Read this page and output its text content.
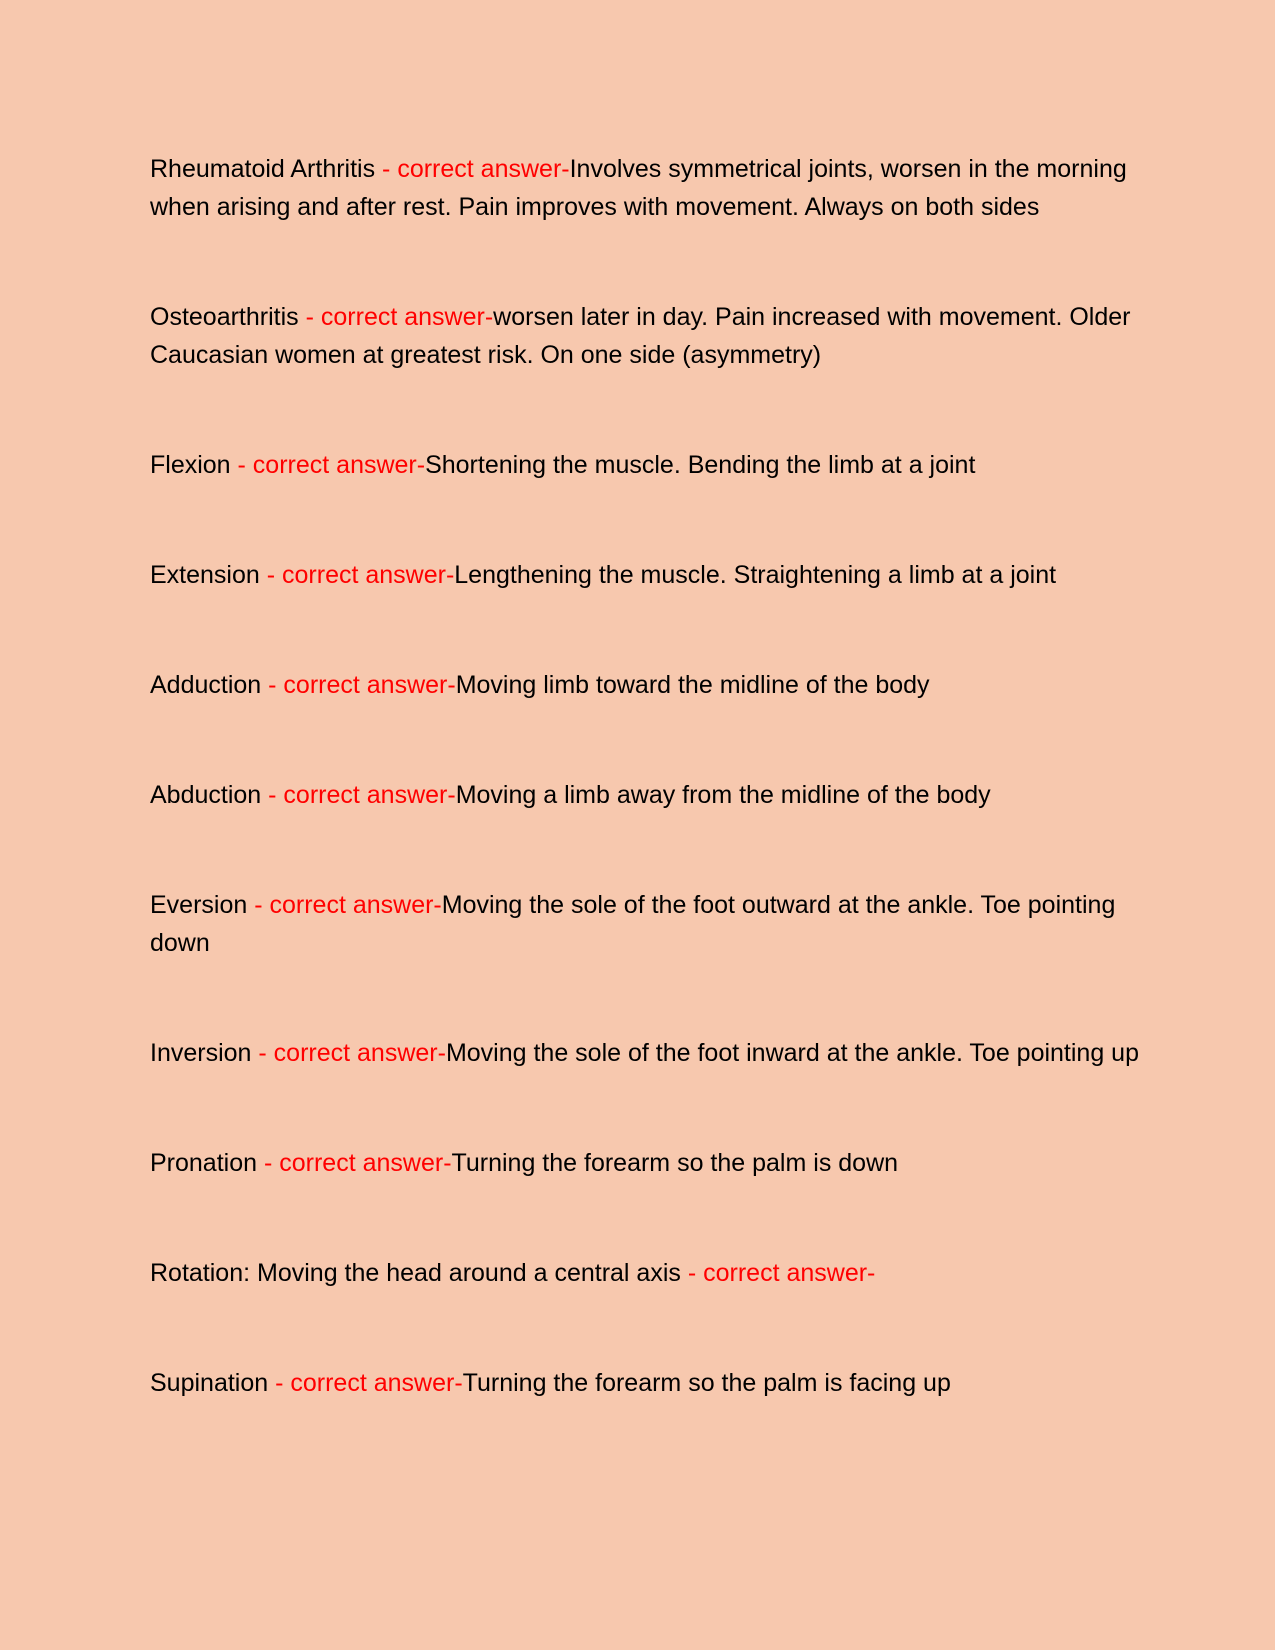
Rheumatoid Arthritis - correct answer-Involves symmetrical joints, worsen in the morning when arising and after rest. Pain improves with movement. Always on both sides

Osteoarthritis - correct answer-worsen later in day. Pain increased with movement. Older Caucasian women at greatest risk. On one side (asymmetry)

Flexion - correct answer-Shortening the muscle. Bending the limb at a joint

Extension - correct answer-Lengthening the muscle. Straightening a limb at a joint

Adduction - correct answer-Moving limb toward the midline of the body

Abduction - correct answer-Moving a limb away from the midline of the body

Eversion - correct answer-Moving the sole of the foot outward at the ankle. Toe pointing down

Inversion - correct answer-Moving the sole of the foot inward at the ankle. Toe pointing up

Pronation - correct answer-Turning the forearm so the palm is down

Rotation: Moving the head around a central axis - correct answer-

Supination - correct answer-Turning the forearm so the palm is facing up
